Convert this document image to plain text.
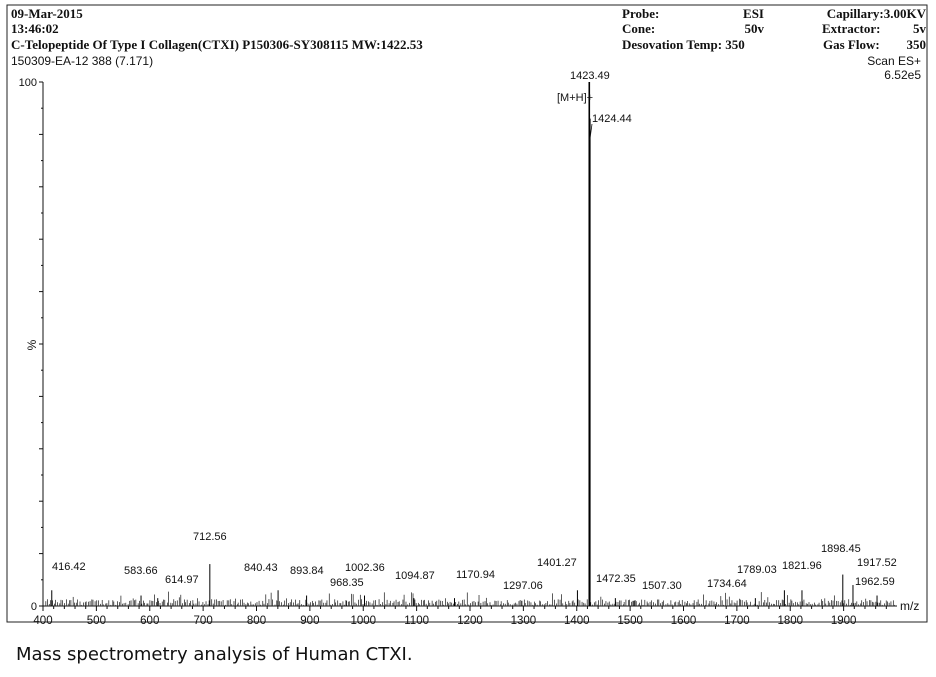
09-Mar-2015
13:46:02
C-Telopeptide Of Type I Collagen(CTXI) P150306-SY308115 MW:1422.53
150309-EA-12 388 (7.171)
Probe:	ESI
Cone:	50v
Desovation Temp: 350
Capillary:3.00KV
Extractor:	5v
Gas Flow:	350
Scan ES+
6.52e5
100
0
%
400	500	600	700	800	900	1000 1100 1200 1300 1400 1500 1600 1700 1800 1900
m/z
416.42	583.66
614.97
712.56
840.43 893.84
968.35
1002.36
1094.87 1170.94
1297.06
1401.27
1423.49
1424.44
1472.35
1507.30 1734.64
1789.03 1821.96
1898.45
1917.52
1962.59
[M+H]+
Mass spectrometry analysis of Human CTXI.
